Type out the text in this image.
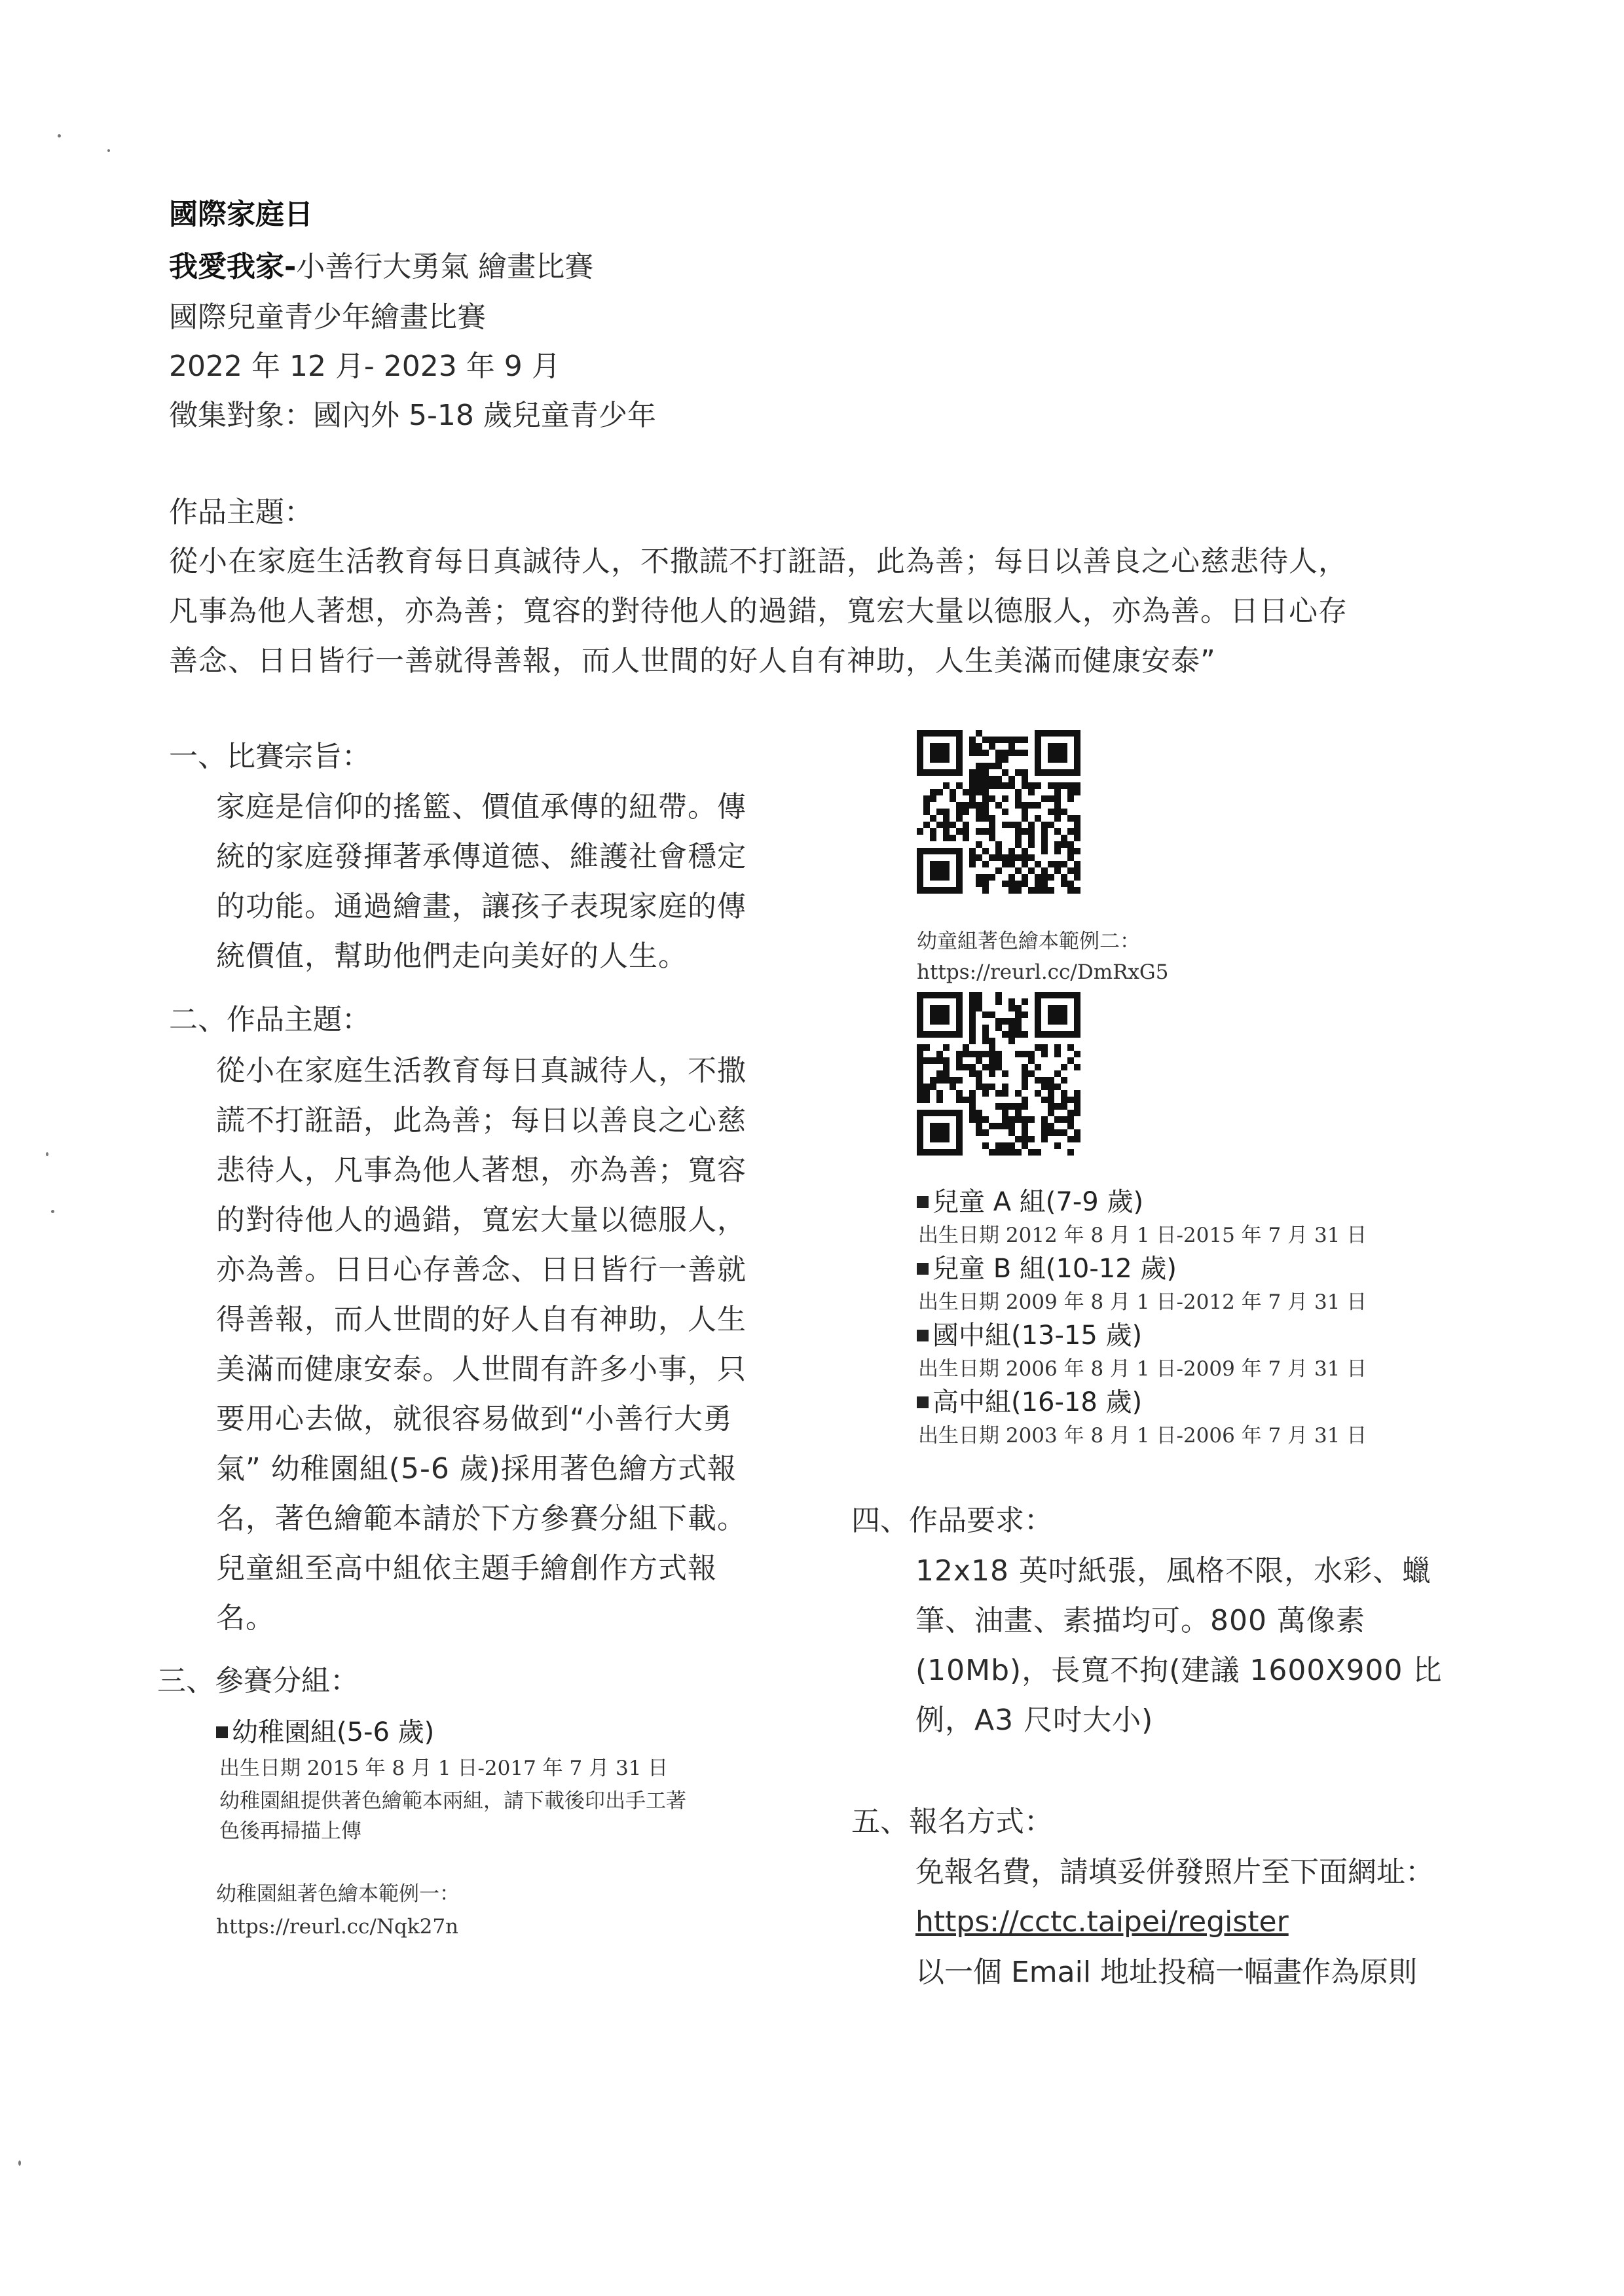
國際家庭日
我愛我家-小善行大勇氣 繪畫比賽
國際兒童青少年繪畫比賽
2022 年 12 月- 2023 年 9 月
徵集對象：國內外 5-18 歲兒童青少年
作品主題：
從小在家庭生活教育每日真誠待人，不撒謊不打誑語，此為善；每日以善良之心慈悲待人，
凡事為他人著想，亦為善；寬容的對待他人的過錯，寬宏大量以德服人，亦為善。日日心存
善念、日日皆行一善就得善報，而人世間的好人自有神助，人生美滿而健康安泰”
一、比賽宗旨：
家庭是信仰的搖籃、價值承傳的紐帶。傳
統的家庭發揮著承傳道德、維護社會穩定
的功能。通過繪畫，讓孩子表現家庭的傳
統價值，幫助他們走向美好的人生。
二、作品主題：
從小在家庭生活教育每日真誠待人，不撒
謊不打誑語，此為善；每日以善良之心慈
悲待人，凡事為他人著想，亦為善；寬容
的對待他人的過錯，寬宏大量以德服人，
亦為善。日日心存善念、日日皆行一善就
得善報，而人世間的好人自有神助，人生
美滿而健康安泰。人世間有許多小事，只
要用心去做，就很容易做到“小善行大勇
氣” 幼稚園組(5-6 歲)採用著色繪方式報
名，著色繪範本請於下方參賽分組下載。
兒童組至高中組依主題手繪創作方式報
名。
三、參賽分組：
幼稚園組(5-6 歲)
出生日期 2015 年 8 月 1 日-2017 年 7 月 31 日
幼稚園組提供著色繪範本兩組，請下載後印出手工著
色後再掃描上傳
幼稚園組著色繪本範例一：
https://reurl.cc/Nqk27n
幼童組著色繪本範例二：
https://reurl.cc/DmRxG5
兒童 A 組(7-9 歲)
出生日期 2012 年 8 月 1 日-2015 年 7 月 31 日
兒童 B 組(10-12 歲)
出生日期 2009 年 8 月 1 日-2012 年 7 月 31 日
國中組(13-15 歲)
出生日期 2006 年 8 月 1 日-2009 年 7 月 31 日
高中組(16-18 歲)
出生日期 2003 年 8 月 1 日-2006 年 7 月 31 日
四、作品要求：
12x18 英吋紙張，風格不限，水彩、蠟
筆、油畫、素描均可。800 萬像素
(10Mb)，長寬不拘(建議 1600X900 比
例，A3 尺吋大小)
五、報名方式：
免報名費，請填妥併發照片至下面網址：
https://cctc.taipei/register
以一個 Email 地址投稿一幅畫作為原則
